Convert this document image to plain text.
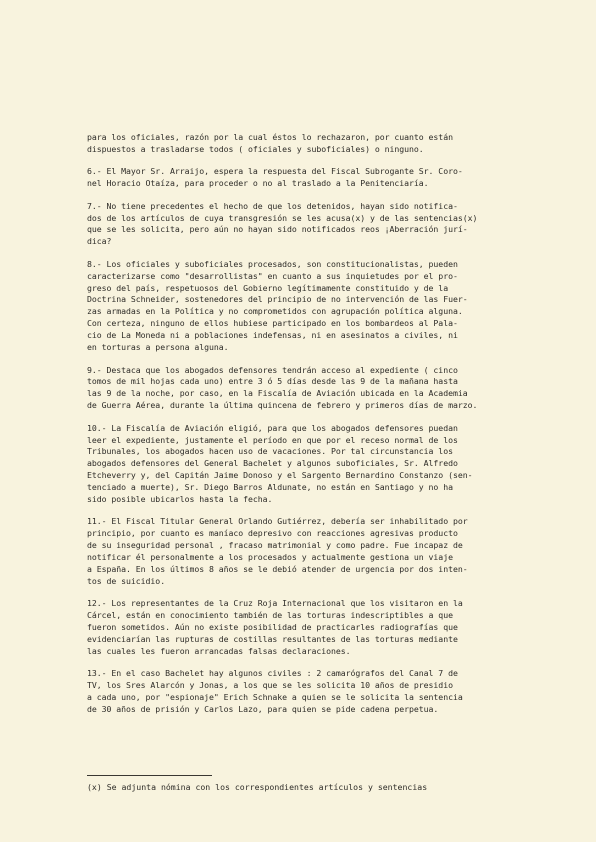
para los oficiales, razón por la cual éstos lo rechazaron, por cuanto están
dispuestos a trasladarse todos ( oficiales y suboficiales) o ninguno.
6.- El Mayor Sr. Arraijo, espera la respuesta del Fiscal Subrogante Sr. Coro-
nel Horacio Otaíza, para proceder o no al traslado a la Penitenciaría.
7.- No tiene precedentes el hecho de que los detenidos, hayan sido notifica-
dos de los artículos de cuya transgresión se les acusa(x) y de las sentencias(x)
que se les solicita, pero aún no hayan sido notificados reos ¡Aberración jurí-
dica?
8.- Los oficiales y suboficiales procesados, son constitucionalistas, pueden
caracterizarse como "desarrollistas" en cuanto a sus inquietudes por el pro-
greso del país, respetuosos del Gobierno legítimamente constituido y de la
Doctrina Schneider, sostenedores del principio de no intervención de las Fuer-
zas armadas en la Política y no comprometidos con agrupación política alguna.
Con certeza, ninguno de ellos hubiese participado en los bombardeos al Pala-
cio de La Moneda ni a poblaciones indefensas, ni en asesinatos a civiles, ni
en torturas a persona alguna.
9.- Destaca que los abogados defensores tendrán acceso al expediente ( cinco
tomos de mil hojas cada uno) entre 3 ó 5 días desde las 9 de la mañana hasta
las 9 de la noche, por caso, en la Fiscalía de Aviación ubicada en la Academia
de Guerra Aérea, durante la última quincena de febrero y primeros días de marzo.
10.- La Fiscalía de Aviación eligió, para que los abogados defensores puedan
leer el expediente, justamente el período en que por el receso normal de los
Tribunales, los abogados hacen uso de vacaciones. Por tal circunstancia los
abogados defensores del General Bachelet y algunos suboficiales, Sr. Alfredo
Etcheverry y, del Capitán Jaime Donoso y el Sargento Bernardino Constanzo (sen-
tenciado a muerte), Sr. Diego Barros Aldunate, no están en Santiago y no ha
sido posible ubicarlos hasta la fecha.
11.- El Fiscal Titular General Orlando Gutiérrez, debería ser inhabilitado por
principio, por cuanto es maníaco depresivo con reacciones agresivas producto
de su inseguridad personal , fracaso matrimonial y como padre. Fue incapaz de
notificar él personalmente a los procesados y actualmente gestiona un viaje
a España. En los últimos 8 años se le debió atender de urgencia por dos inten-
tos de suicidio.
12.- Los representantes de la Cruz Roja Internacional que los visitaron en la
Cárcel, están en conocimiento también de las torturas indescriptibles a que
fueron sometidos. Aún no existe posibilidad de practicarles radiografías que
evidenciarían las rupturas de costillas resultantes de las torturas mediante
las cuales les fueron arrancadas falsas declaraciones.
13.- En el caso Bachelet hay algunos civiles : 2 camarógrafos del Canal 7 de
TV, los Sres Alarcón y Jonas, a los que se les solicita 10 años de presidio
a cada uno, por "espionaje" Erich Schnake a quien se le solicita la sentencia
de 30 años de prisión y Carlos Lazo, para quien se pide cadena perpetua.
(x) Se adjunta nómina con los correspondientes artículos y sentencias
